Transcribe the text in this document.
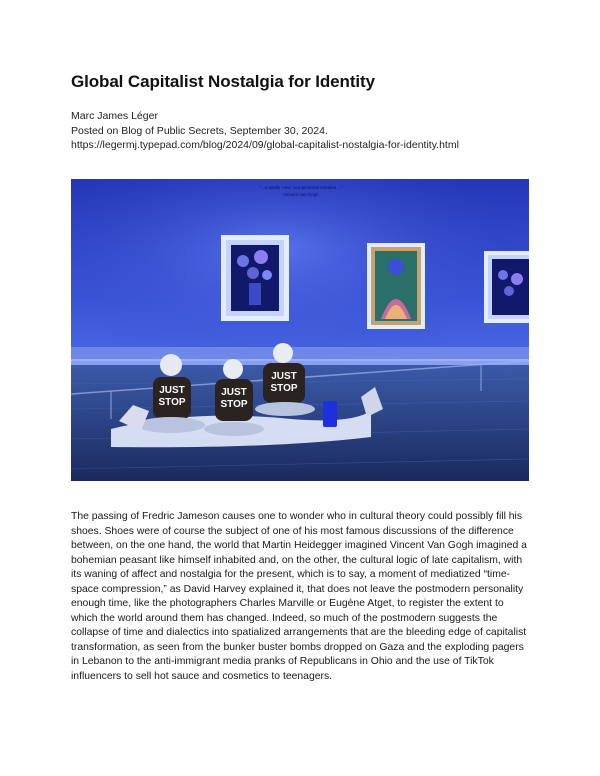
Global Capitalist Nostalgia for Identity
Marc James Léger
Posted on Blog of Public Secrets, September 30, 2024.
https://legermj.typepad.com/blog/2024/09/global-capitalist-nostalgia-for-identity.html
“...a totally ‘new’ non-personal emotion ...”
Vincent van Gogh
JUST
STOP
JUST
STOP
JUST
STOP

The passing of Fredric Jameson causes one to wonder who in cultural theory could possibly fill his shoes. Shoes were of course the subject of one of his most famous discussions of the difference between, on the one hand, the world that Martin Heidegger imagined Vincent Van Gogh imagined a bohemian peasant like himself inhabited and, on the other, the cultural logic of late capitalism, with its waning of affect and nostalgia for the present, which is to say, a moment of mediatized “time-space compression,” as David Harvey explained it, that does not leave the postmodern personality enough time, like the photographers Charles Marville or Eugène Atget, to register the extent to which the world around them has changed. Indeed, so much of the postmodern suggests the collapse of time and dialectics into spatialized arrangements that are the bleeding edge of capitalist transformation, as seen from the bunker buster bombs dropped on Gaza and the exploding pagers in Lebanon to the anti-immigrant media pranks of Republicans in Ohio and the use of TikTok influencers to sell hot sauce and cosmetics to teenagers.
